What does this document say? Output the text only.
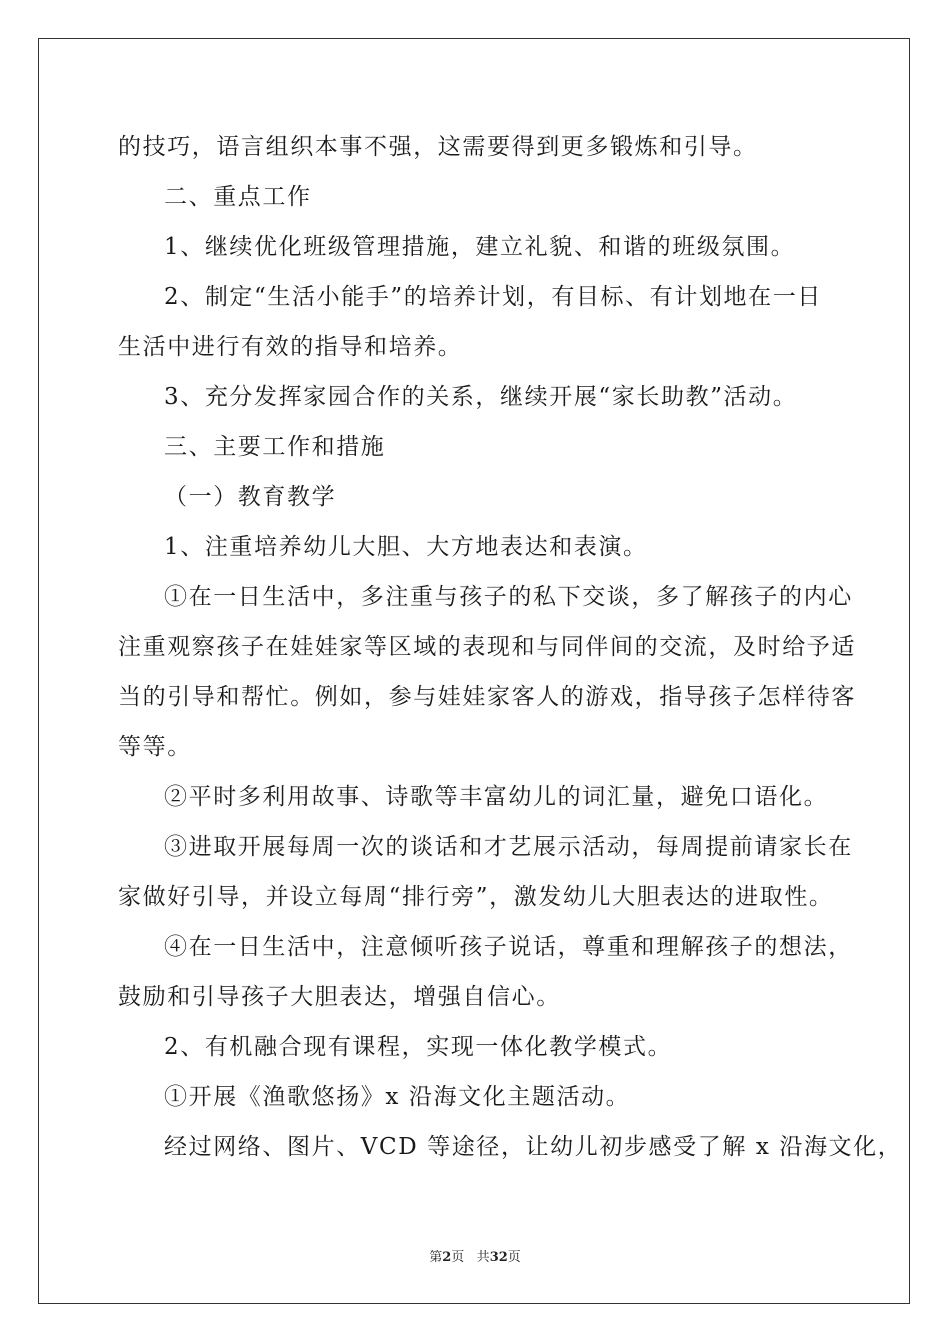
的技巧，语言组织本事不强，这需要得到更多锻炼和引导。
二、重点工作
1、继续优化班级管理措施，建立礼貌、和谐的班级氛围。
2、制定“生活小能手”的培养计划，有目标、有计划地在一日
生活中进行有效的指导和培养。
3、充分发挥家园合作的关系，继续开展“家长助教”活动。
三、主要工作和措施
（一）教育教学
1、注重培养幼儿大胆、大方地表达和表演。
①在一日生活中，多注重与孩子的私下交谈，多了解孩子的内心
注重观察孩子在娃娃家等区域的表现和与同伴间的交流，及时给予适
当的引导和帮忙。例如，参与娃娃家客人的游戏，指导孩子怎样待客
等等。
②平时多利用故事、诗歌等丰富幼儿的词汇量，避免口语化。
③进取开展每周一次的谈话和才艺展示活动，每周提前请家长在
家做好引导，并设立每周“排行旁”，激发幼儿大胆表达的进取性。
④在一日生活中，注意倾听孩子说话，尊重和理解孩子的想法，
鼓励和引导孩子大胆表达，增强自信心。
2、有机融合现有课程，实现一体化教学模式。
①开展《渔歌悠扬》x 沿海文化主题活动。
经过网络、图片、VCD 等途径，让幼儿初步感受了解 x 沿海文化，
第2页 共32页
